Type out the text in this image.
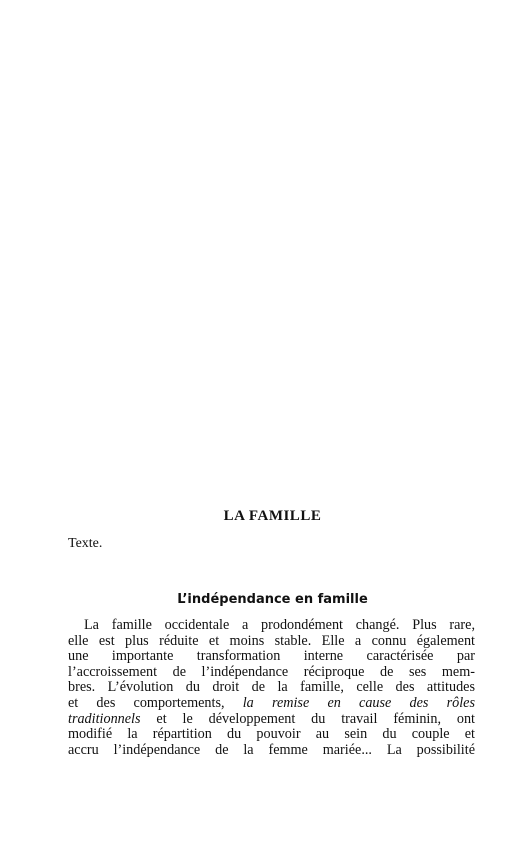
LA FAMILLE

Texte.

L’indépendance en famille

La famille occidentale a prodondément changé. Plus rare,
elle est plus réduite et moins stable. Elle a connu également
une importante transformation interne caractérisée par
l’accroissement de l’indépendance réciproque de ses mem-
bres. L’évolution du droit de la famille, celle des attitudes
et des comportements, la remise en cause des rôles
traditionnels et le développement du travail féminin, ont
modifié la répartition du pouvoir au sein du couple et
accru l’indépendance de la femme mariée... La possibilité
